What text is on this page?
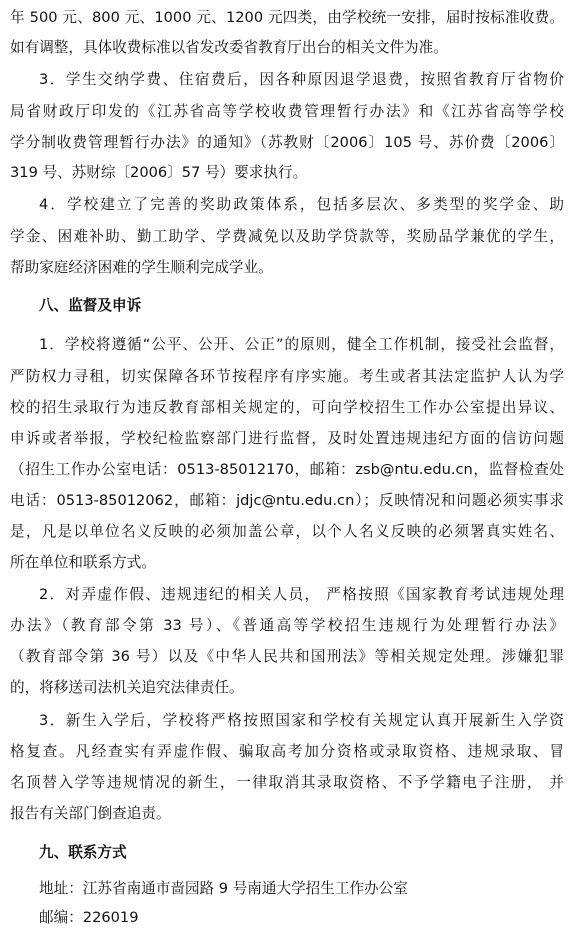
年 500 元、800 元、1000 元、1200 元四类，由学校统一安排，届时按标准收费。
如有调整，具体收费标准以省发改委省教育厅出台的相关文件为准。
3．学生交纳学费、住宿费后，因各种原因退学退费，按照省教育厅省物价
局省财政厅印发的《江苏省高等学校收费管理暂行办法》和《江苏省高等学校
学分制收费管理暂行办法》的通知》（苏教财〔2006〕105 号、苏价费〔2006〕
319 号、苏财综〔2006〕57 号）要求执行。
4．学校建立了完善的奖助政策体系，包括多层次、多类型的奖学金、助
学金、困难补助、勤工助学、学费减免以及助学贷款等，奖励品学兼优的学生，
帮助家庭经济困难的学生顺利完成学业。
八、监督及申诉
1．学校将遵循“公平、公开、公正”的原则，健全工作机制，接受社会监督，
严防权力寻租，切实保障各环节按程序有序实施。考生或者其法定监护人认为学
校的招生录取行为违反教育部相关规定的，可向学校招生工作办公室提出异议、
申诉或者举报，学校纪检监察部门进行监督，及时处置违规违纪方面的信访问题
（招生工作办公室电话：0513-85012170，邮箱：zsb@ntu.edu.cn，监督检查处
电话：0513-85012062，邮箱：jdjc@ntu.edu.cn）；反映情况和问题必须实事求
是，凡是以单位名义反映的必须加盖公章，以个人名义反映的必须署真实姓名、
所在单位和联系方式。
2．对弄虚作假、违规违纪的相关人员， 严格按照《国家教育考试违规处理
办法》（教育部令第 33 号）、《普通高等学校招生违规行为处理暂行办法》
（教育部令第 36 号）以及《中华人民共和国刑法》等相关规定处理。涉嫌犯罪
的，将移送司法机关追究法律责任。
3．新生入学后，学校将严格按照国家和学校有关规定认真开展新生入学资
格复查。凡经查实有弄虚作假、骗取高考加分资格或录取资格、违规录取、冒
名顶替入学等违规情况的新生，一律取消其录取资格、不予学籍电子注册， 并
报告有关部门倒查追责。
九、联系方式
地址：江苏省南通市啬园路 9 号南通大学招生工作办公室
邮编：226019
